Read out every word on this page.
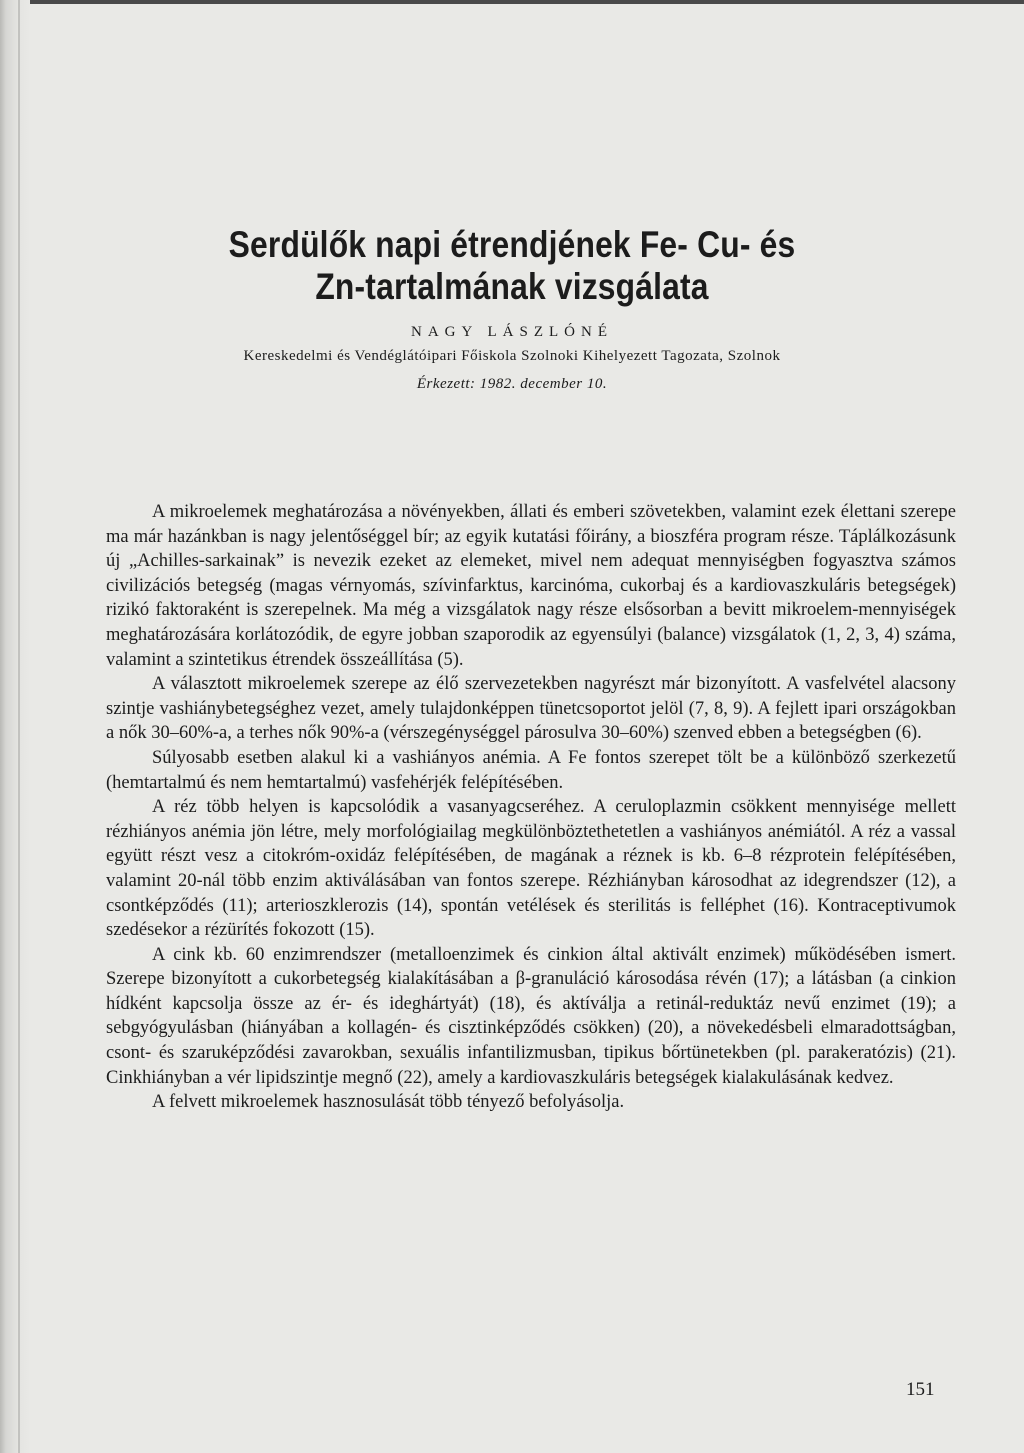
Serdülők napi étrendjének Fe- Cu- és Zn-tartalmának vizsgálata
NAGY LÁSZLÓNÉ
Kereskedelmi és Vendéglátóipari Főiskola Szolnoki Kihelyezett Tagozata, Szolnok
Érkezett: 1982. december 10.

A mikroelemek meghatározása a növényekben, állati és emberi szövetekben, valamint ezek élettani szerepe ma már hazánkban is nagy jelentőséggel bír; az egyik kutatási főirány, a bioszféra program része. Táplálkozásunk új „Achilles-sarkainak” is nevezik ezeket az elemeket, mivel nem adequat mennyiségben fogyasztva számos civilizációs betegség (magas vérnyomás, szívinfarktus, karcinóma, cukorbaj és a kardiovaszkuláris betegségek) rizikó faktoraként is szerepelnek. Ma még a vizsgálatok nagy része elsősorban a bevitt mikroelem-mennyiségek meghatározására korlátozódik, de egyre jobban szaporodik az egyensúlyi (balance) vizsgálatok (1, 2, 3, 4) száma, valamint a szintetikus étrendek összeállítása (5).

A választott mikroelemek szerepe az élő szervezetekben nagyrészt már bizonyított. A vasfelvétel alacsony szintje vashiánybetegséghez vezet, amely tulajdonképpen tünetcsoportot jelöl (7, 8, 9). A fejlett ipari országokban a nők 30–60%-a, a terhes nők 90%-a (vérszegénységgel párosulva 30–60%) szenved ebben a betegségben (6).

Súlyosabb esetben alakul ki a vashiányos anémia. A Fe fontos szerepet tölt be a különböző szerkezetű (hemtartalmú és nem hemtartalmú) vasfehérjék felépítésében.

A réz több helyen is kapcsolódik a vasanyagcseréhez. A ceruloplazmin csökkent mennyisége mellett rézhiányos anémia jön létre, mely morfológiailag megkülönböztethetetlen a vashiányos anémiától. A réz a vassal együtt részt vesz a citokróm-oxidáz felépítésében, de magának a réznek is kb. 6–8 rézprotein felépítésében, valamint 20-nál több enzim aktiválásában van fontos szerepe. Rézhiányban károsodhat az idegrendszer (12), a csontképződés (11); arterioszklerozis (14), spontán vetélések és sterilitás is felléphet (16). Kontraceptivumok szedésekor a rézürítés fokozott (15).

A cink kb. 60 enzimrendszer (metalloenzimek és cinkion által aktivált enzimek) működésében ismert. Szerepe bizonyított a cukorbetegség kialakításában a β-granuláció károsodása révén (17); a látásban (a cinkion hídként kapcsolja össze az ér- és ideghártyát) (18), és aktíválja a retinál-reduktáz nevű enzimet (19); a sebgyógyulásban (hiányában a kollagén- és cisztinképződés csökken) (20), a növekedésbeli elmaradottságban, csont- és szaruképződési zavarokban, sexuális infantilizmusban, tipikus bőrtünetekben (pl. parakeratózis) (21). Cinkhiányban a vér lipidszintje megnő (22), amely a kardiovaszkuláris betegségek kialakulásának kedvez.

A felvett mikroelemek hasznosulását több tényező befolyásolja.

151
